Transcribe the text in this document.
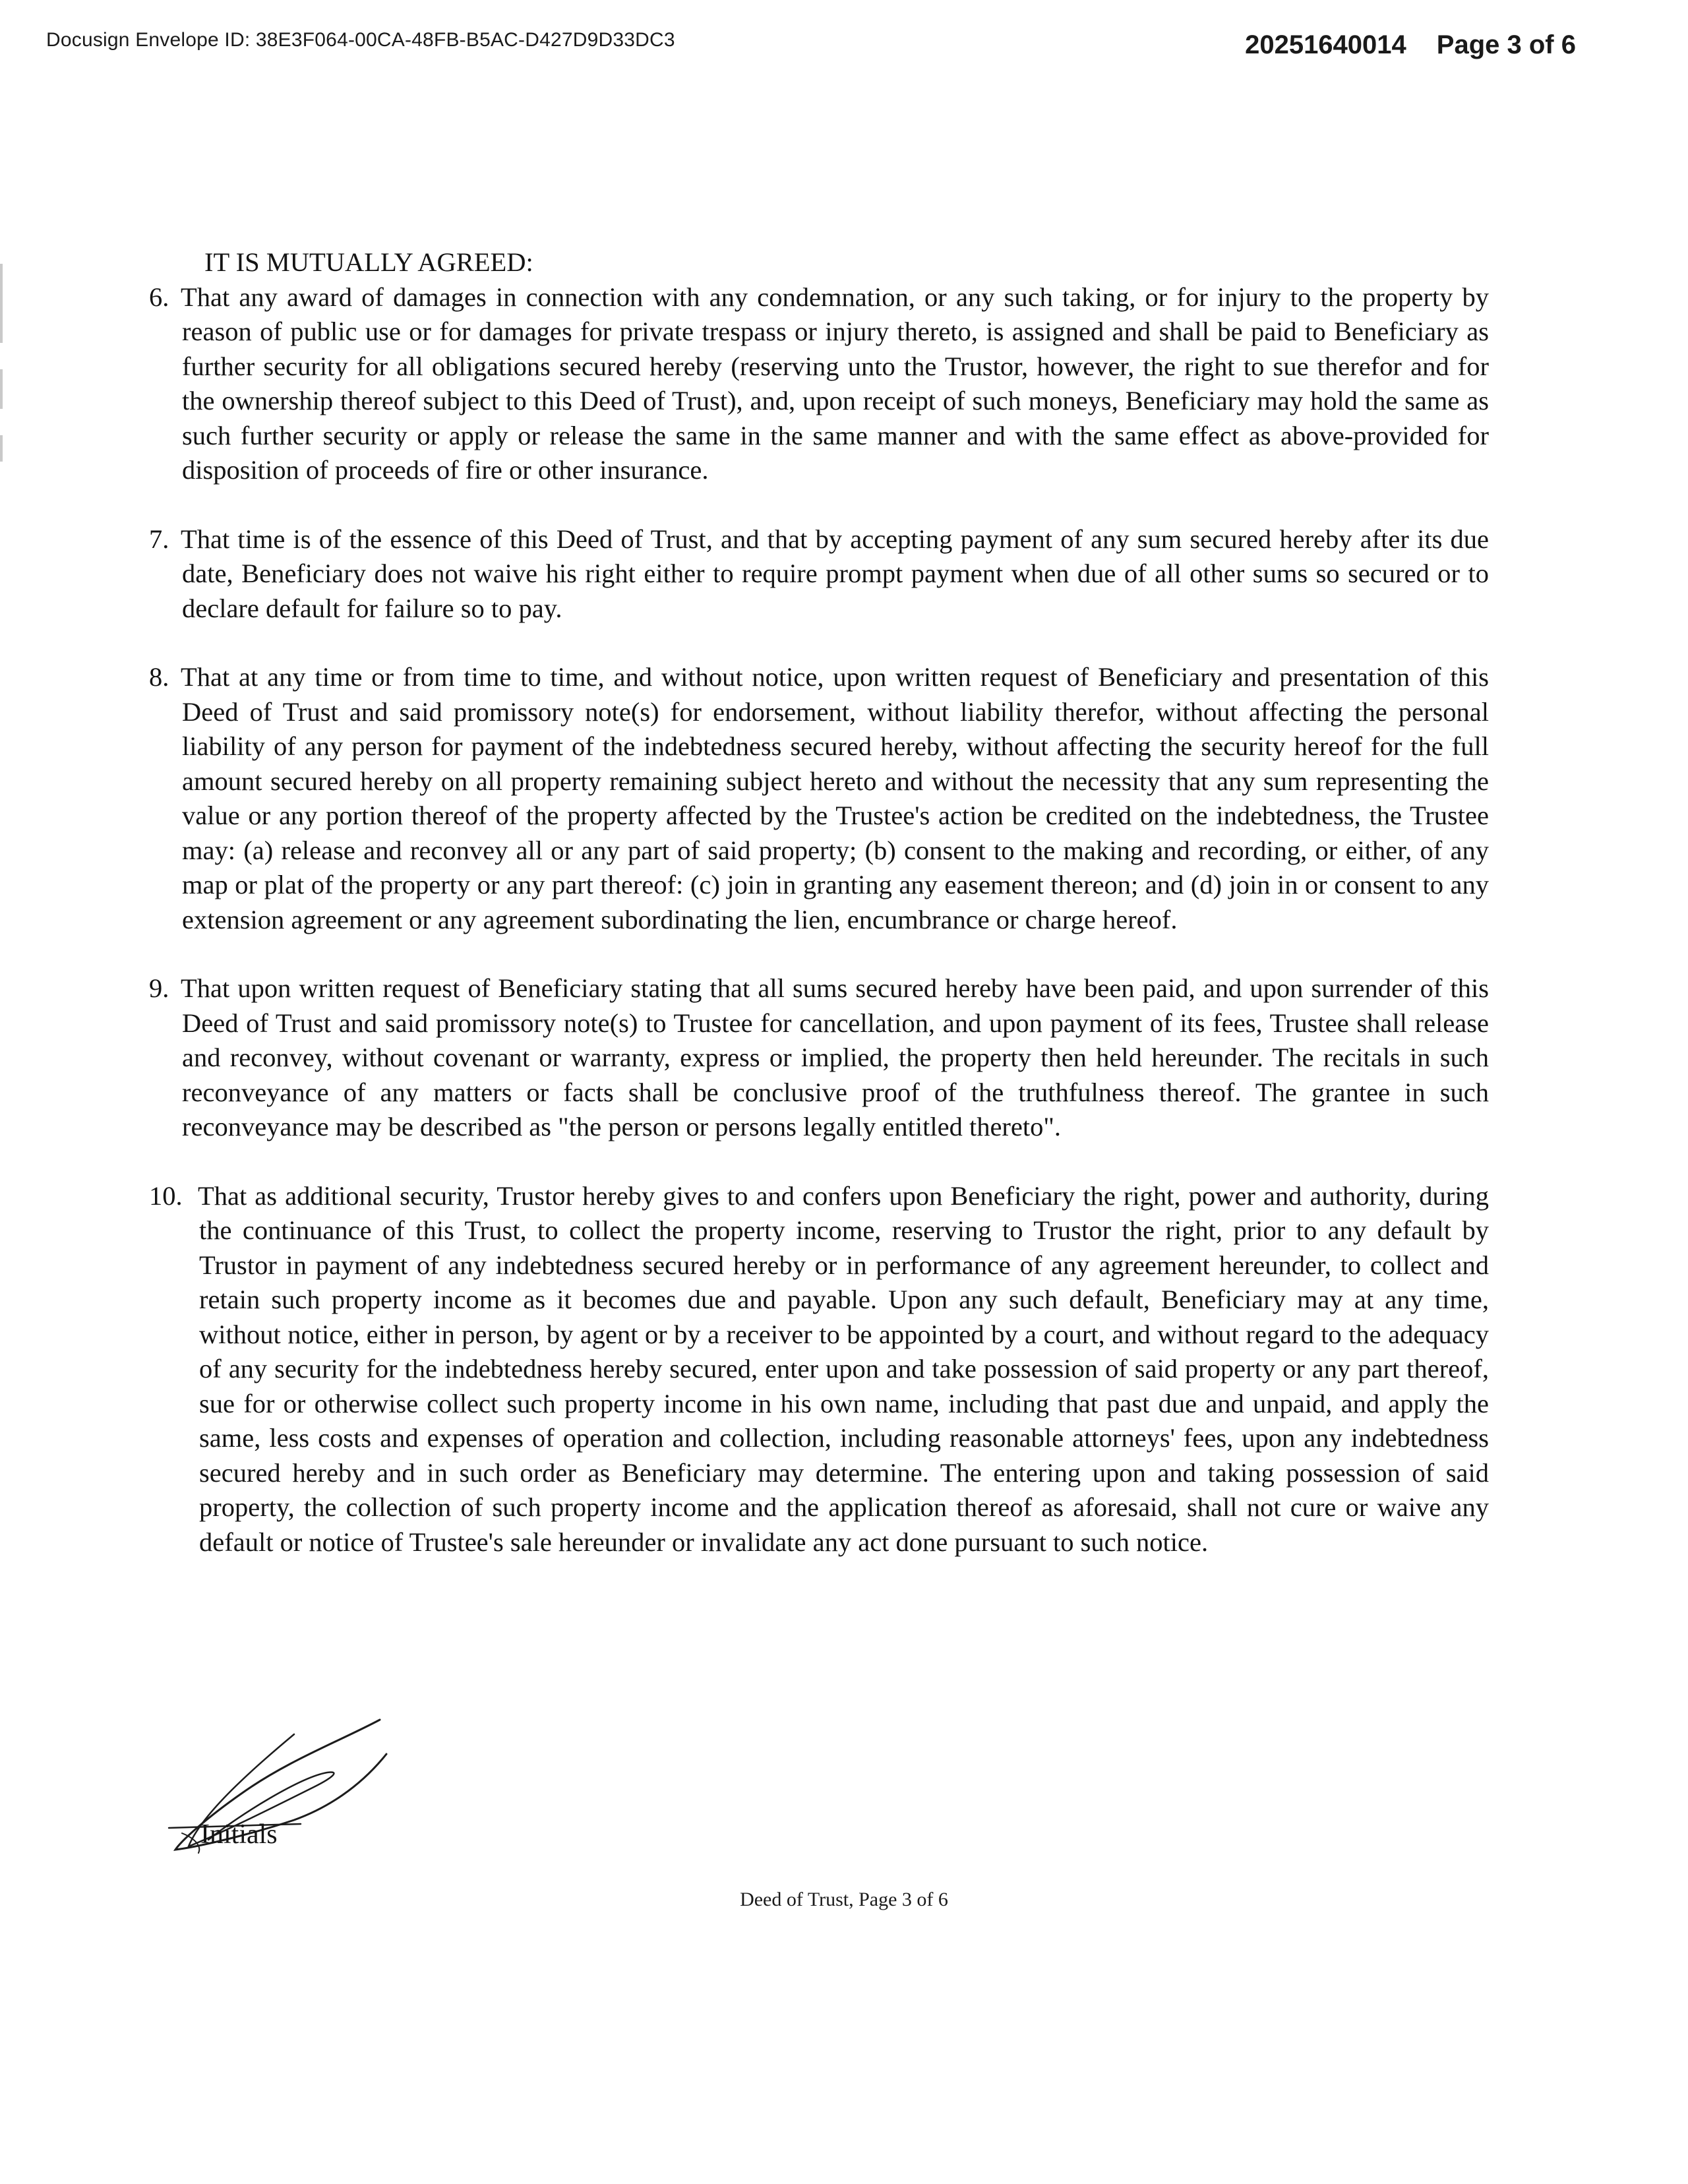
Docusign Envelope ID: 38E3F064-00CA-48FB-B5AC-D427D9D33DC3	20251640014 Page 3 of 6

IT IS MUTUALLY AGREED:

6. That any award of damages in connection with any condemnation, or any such taking, or for injury to the property by reason of public use or for damages for private trespass or injury thereto, is assigned and shall be paid to Beneficiary as further security for all obligations secured hereby (reserving unto the Trustor, however, the right to sue therefor and for the ownership thereof subject to this Deed of Trust), and, upon receipt of such moneys, Beneficiary may hold the same as such further security or apply or release the same in the same manner and with the same effect as above-provided for disposition of proceeds of fire or other insurance.
7. That time is of the essence of this Deed of Trust, and that by accepting payment of any sum secured hereby after its due date, Beneficiary does not waive his right either to require prompt payment when due of all other sums so secured or to declare default for failure so to pay.
8. That at any time or from time to time, and without notice, upon written request of Beneficiary and presentation of this Deed of Trust and said promissory note(s) for endorsement, without liability therefor, without affecting the personal liability of any person for payment of the indebtedness secured hereby, without affecting the security hereof for the full amount secured hereby on all property remaining subject hereto and without the necessity that any sum representing the value or any portion thereof of the property affected by the Trustee's action be credited on the indebtedness, the Trustee may: (a) release and reconvey all or any part of said property; (b) consent to the making and recording, or either, of any map or plat of the property or any part thereof: (c) join in granting any easement thereon; and (d) join in or consent to any extension agreement or any agreement subordinating the lien, encumbrance or charge hereof.
9. That upon written request of Beneficiary stating that all sums secured hereby have been paid, and upon surrender of this Deed of Trust and said promissory note(s) to Trustee for cancellation, and upon payment of its fees, Trustee shall release and reconvey, without covenant or warranty, express or implied, the property then held hereunder. The recitals in such reconveyance of any matters or facts shall be conclusive proof of the truthfulness thereof. The grantee in such reconveyance may be described as "the person or persons legally entitled thereto".
10. That as additional security, Trustor hereby gives to and confers upon Beneficiary the right, power and authority, during the continuance of this Trust, to collect the property income, reserving to Trustor the right, prior to any default by Trustor in payment of any indebtedness secured hereby or in performance of any agreement hereunder, to collect and retain such property income as it becomes due and payable. Upon any such default, Beneficiary may at any time, without notice, either in person, by agent or by a receiver to be appointed by a court, and without regard to the adequacy of any security for the indebtedness hereby secured, enter upon and take possession of said property or any part thereof, sue for or otherwise collect such property income in his own name, including that past due and unpaid, and apply the same, less costs and expenses of operation and collection, including reasonable attorneys' fees, upon any indebtedness secured hereby and in such order as Beneficiary may determine. The entering upon and taking possession of said property, the collection of such property income and the application thereof as aforesaid, shall not cure or waive any default or notice of Trustee's sale hereunder or invalidate any act done pursuant to such notice.
Initials
Deed of Trust, Page 3 of 6
